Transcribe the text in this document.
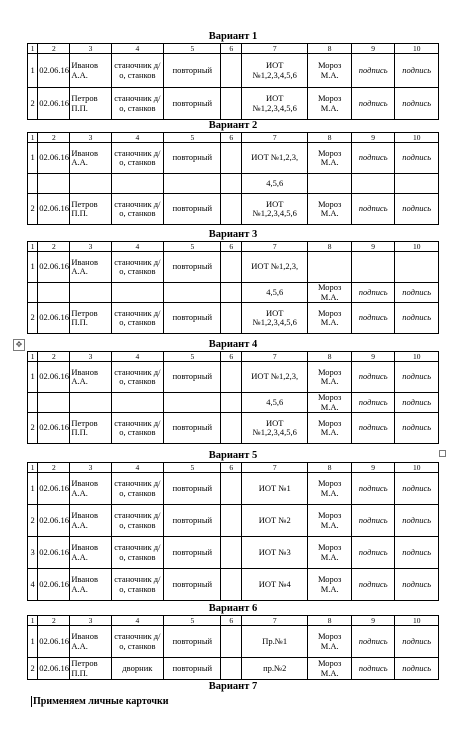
✥
Вариант 7
Применяем личные карточки
Вариант 1
1	2	3	4	5	6	7	8	9	10
1	02.06.16	Иванов А.А.	станочник д/о, станков	повторный		ИОТ №1,2,3,4,5,6	Мороз М.А.	подпись	подпись
2	02.06.16	Петров П.П.	станочник д/о, станков	повторный		ИОТ №1,2,3,4,5,6	Мороз М.А.	подпись	подпись
Вариант 2
1	2	3	4	5	6	7	8	9	10
1	02.06.16	Иванов А.А.	станочник д/о, станков	повторный		ИОТ №1,2,3,	Мороз М.А.	подпись	подпись
						4,5,6			
2	02.06.16	Петров П.П.	станочник д/о, станков	повторный		ИОТ №1,2,3,4,5,6	Мороз М.А.	подпись	подпись
Вариант 3
1	2	3	4	5	6	7	8	9	10
1	02.06.16	Иванов А.А.	станочник д/о, станков	повторный		ИОТ №1,2,3,			
						4,5,6	Мороз М.А.	подпись	подпись
2	02.06.16	Петров П.П.	станочник д/о, станков	повторный		ИОТ №1,2,3,4,5,6	Мороз М.А.	подпись	подпись
Вариант 4
1	2	3	4	5	6	7	8	9	10
1	02.06.16	Иванов А.А.	станочник д/о, станков	повторный		ИОТ №1,2,3,	Мороз М.А.	подпись	подпись
						4,5,6	Мороз М.А.	подпись	подпись
2	02.06.16	Петров П.П.	станочник д/о, станков	повторный		ИОТ №1,2,3,4,5,6	Мороз М.А.	подпись	подпись
Вариант 5
1	2	3	4	5	6	7	8	9	10
1	02.06.16	Иванов А.А.	станочник д/о, станков	повторный		ИОТ №1	Мороз М.А.	подпись	подпись
2	02.06.16	Иванов А.А.	станочник д/о, станков	повторный		ИОТ №2	Мороз М.А.	подпись	подпись
3	02.06.16	Иванов А.А.	станочник д/о, станков	повторный		ИОТ №3	Мороз М.А.	подпись	подпись
4	02.06.16	Иванов А.А.	станочник д/о, станков	повторный		ИОТ №4	Мороз М.А.	подпись	подпись
Вариант 6
1	2	3	4	5	6	7	8	9	10
1	02.06.16	Иванов А.А.	станочник д/о, станков	повторный		Пр.№1	Мороз М.А.	подпись	подпись
2	02.06.16	Петров П.П.	дворник	повторный		пр.№2	Мороз М.А.	подпись	подпись
